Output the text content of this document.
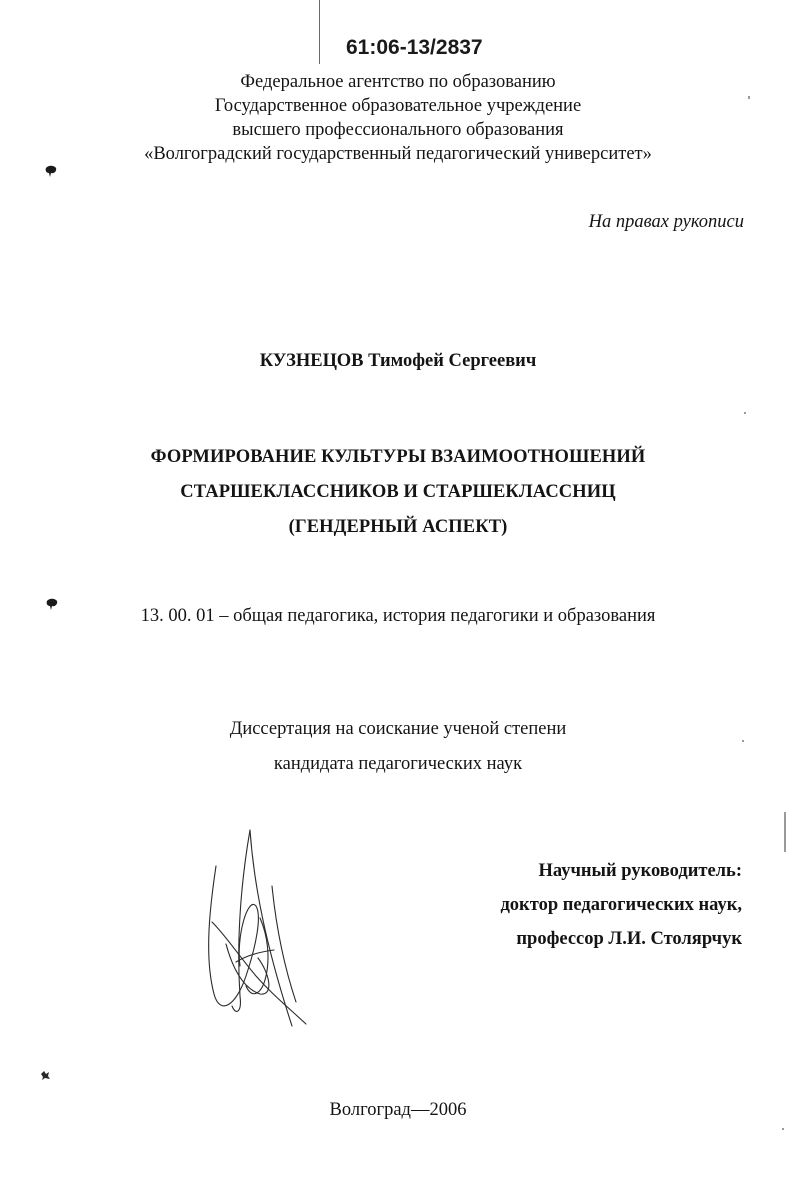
61:06-13/2837
Федеральное агентство по образованию
Государственное образовательное учреждение
высшего профессионального образования
«Волгоградский государственный педагогический университет»
На правах рукописи
КУЗНЕЦОВ Тимофей Сергеевич
ФОРМИРОВАНИЕ КУЛЬТУРЫ ВЗАИМООТНОШЕНИЙ
СТАРШЕКЛАССНИКОВ И СТАРШЕКЛАССНИЦ
(ГЕНДЕРНЫЙ АСПЕКТ)
13. 00. 01 – общая педагогика, история педагогики и образования
Диссертация на соискание ученой степени
кандидата педагогических наук
Научный руководитель:
доктор педагогических наук,
профессор Л.И. Столярчук
Волгоград—2006
